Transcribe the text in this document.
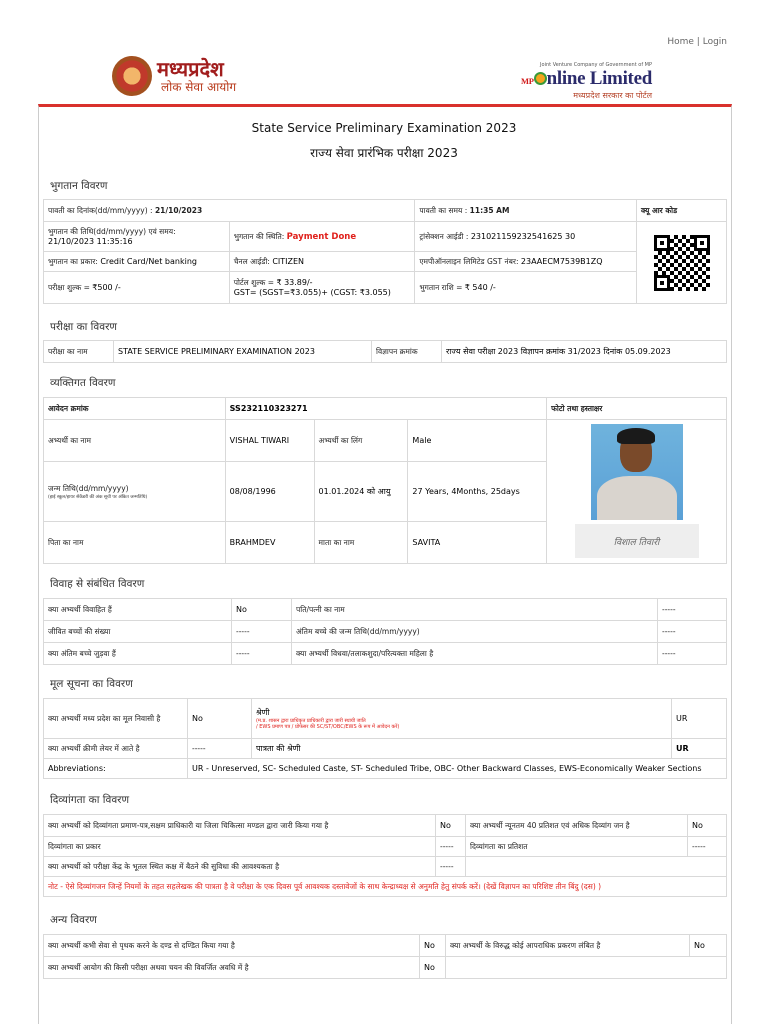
Home | Login
मध्यप्रदेश
लोक सेवा आयोग
Joint Venture Company of Government of MP
MP nline Limited
मध्यप्रदेश सरकार का पोर्टल
State Service Preliminary Examination 2023
राज्य सेवा प्रारंभिक परीक्षा 2023
भुगतान विवरण
पावती का दिनांक(dd/mm/yyyy) : 21/10/2023		पावती का समय : 11:35 AM	क्यू आर कोड

भुगतान की तिथि(dd/mm/yyyy) एवं समय:
21/10/2023 11:35:16	भुगतान की स्थिति: Payment Done	ट्रांसेक्शन आईडी : 231021159232541625 30	

भुगतान का प्रकार: Credit Card/Net banking	चैनल आईडी: CITIZEN	एमपीऑनलाइन लिमिटेड GST नंबर: 23AAECM7539B1ZQ	
परीक्षा शुल्क = ₹500 /-	पोर्टल शुल्क = ₹ 33.89/-
GST= (SGST=₹3.055)+ (CGST: ₹3.055)	भुगतान राशि = ₹ 540 /-	
परीक्षा का विवरण
परीक्षा का नाम	STATE SERVICE PRELIMINARY EXAMINATION 2023	विज्ञापन क्रमांक	राज्य सेवा परीक्षा 2023 विज्ञापन क्रमांक 31/2023 दिनांक 05.09.2023
व्यक्तिगत विवरण
आवेदन क्रमांक	SS232110323271			फोटो तथा हस्ताक्षर
अभ्यर्थी का नाम	VISHAL TIWARI	अभ्यर्थी का लिंग	Male	विशाल तिवारी

जन्म तिथि(dd/mm/yyyy)
(हाई स्कूल/हायर सेकेंडरी की अंक सूची पर अंकित जन्मतिथि)	08/08/1996	01.01.2024 को आयु	27 Years, 4Months, 25days	
पिता का नाम	BRAHMDEV	माता का नाम	SAVITA	
विवाह से संबंधित विवरण
क्या अभ्यर्थी विवाहित हैं	No	पति/पत्नी का नाम	-----
जीवित बच्चों की संख्या	-----	अंतिम बच्चे की जन्म तिथि(dd/mm/yyyy)	-----
क्या अंतिम बच्चे जुड़वा हैं	-----	क्या अभ्यर्थी विधवा/तलाकशुदा/परित्यक्ता महिला है	-----
मूल सूचना का विवरण
क्या अभ्यर्थी मध्य प्रदेश का मूल निवासी है	No	श्रेणी
(म.प्र. शासन द्वारा प्राधिकृत प्राधिकारी द्वारा जारी स्थायी जाति
/ EWS प्रमाण पत्र / प्रोफेसर की SC/ST/OBC/EWS के रूप में आवेदन करें)	UR
क्या अभ्यर्थी क्रीमी लेयर में आते है	-----	पात्रता की श्रेणी	UR
Abbreviations:	UR - Unreserved, SC- Scheduled Caste, ST- Scheduled Tribe, OBC- Other Backward Classes, EWS-Economically Weaker Sections		
दिव्यांगता का विवरण
क्या अभ्यर्थी को दिव्यांगता प्रमाण-पत्र,सक्षम प्राधिकारी या जिला चिकित्सा मण्डल द्वारा जारी किया गया है	No	क्या अभ्यर्थी न्यूनतम 40 प्रतिशत एवं अधिक दिव्यांग जन है	No
दिव्यांगता का प्रकार	-----	दिव्यांगता का प्रतिशत	-----
क्या अभ्यर्थी को परीक्षा केंद्र के भूतल स्थित कक्ष में बैठने की सुविधा की आवश्यकता है	-----		
नोट - ऐसे दिव्यांगजन जिन्हें नियमों के तहत सहलेखक की पात्रता है वे परीक्षा के एक दिवस पूर्व आवश्यक दस्तावेजों के साथ केन्द्राध्यक्ष से अनुमति हेतु संपर्क करें। (देखें विज्ञापन का परिशिष्ट तीन बिंदु (दस) )			
अन्य विवरण
क्या अभ्यर्थी कभी सेवा से पृथक करने के दण्ड से दण्डित किया गया है	No	क्या अभ्यर्थी के विरुद्ध कोई आपराधिक प्रकरण लंबित है	No
क्या अभ्यर्थी आयोग की किसी परीक्षा अथवा चयन की विवर्जित अवधि में है	No		
